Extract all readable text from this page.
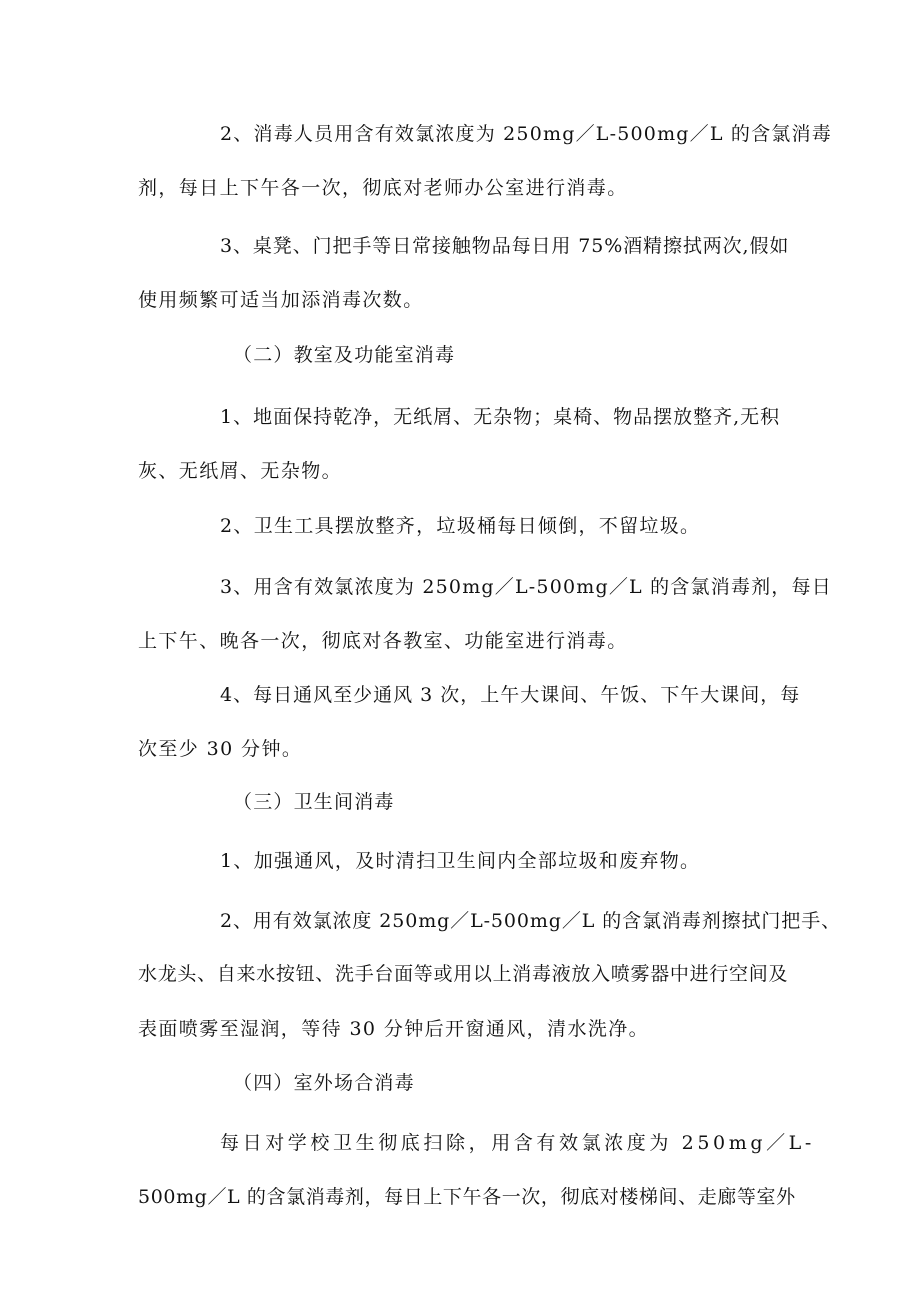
2、消毒人员用含有效氯浓度为 250mg／L-500mg／L 的含氯消毒
剂，每日上下午各一次，彻底对老师办公室进行消毒。
3、桌凳、门把手等日常接触物品每日用 75%酒精擦拭两次,假如
使用频繁可适当加添消毒次数。
（二）教室及功能室消毒
1、地面保持乾净，无纸屑、无杂物；桌椅、物品摆放整齐,无积
灰、无纸屑、无杂物。
2、卫生工具摆放整齐，垃圾桶每日倾倒，不留垃圾。
3、用含有效氯浓度为 250mg／L-500mg／L 的含氯消毒剂，每日
上下午、晚各一次，彻底对各教室、功能室进行消毒。
4、每日通风至少通风 3 次，上午大课间、午饭、下午大课间，每
次至少 30 分钟。
（三）卫生间消毒
1、加强通风，及时清扫卫生间内全部垃圾和废弃物。
2、用有效氯浓度 250mg／L-500mg／L 的含氯消毒剂擦拭门把手、
水龙头、自来水按钮、洗手台面等或用以上消毒液放入喷雾器中进行空间及
表面喷雾至湿润，等待 30 分钟后开窗通风，清水洗净。
（四）室外场合消毒
每日对学校卫生彻底扫除，用含有效氯浓度为 250mg／L-
500mg／L 的含氯消毒剂，每日上下午各一次，彻底对楼梯间、走廊等室外
